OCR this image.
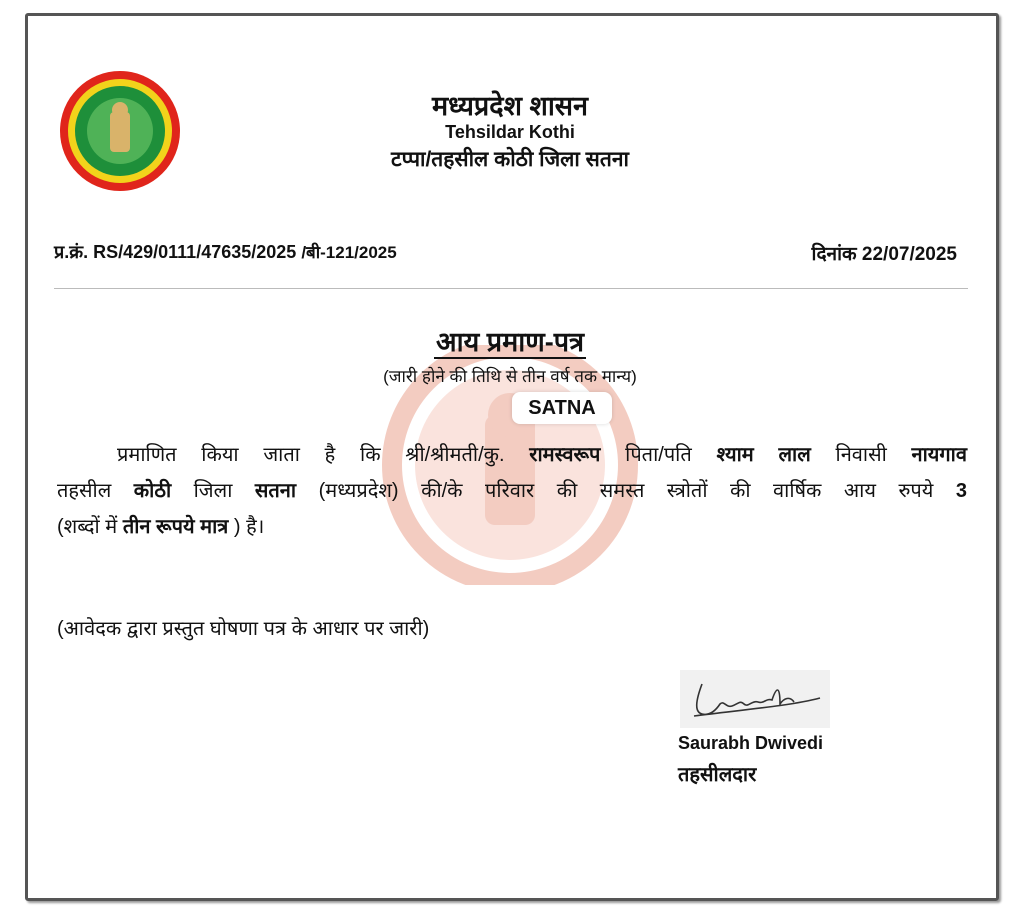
मध्यप्रदेश शासन
Tehsildar Kothi
टप्पा/तहसील कोठी जिला सतना
प्र.क्रं. RS/429/0111/47635/2025 /बी-121/2025	दिनांक 22/07/2025
आय प्रमाण-पत्र
(जारी होने की तिथि से तीन वर्ष तक मान्य)
SATNA
प्रमाणित किया जाता है कि श्री/श्रीमती/कु. रामस्वरूप पिता/पति श्याम लाल निवासी नायगाव
तहसील कोठी जिला सतना (मध्यप्रदेश) की/के परिवार की समस्त स्त्रोतों की वार्षिक आय रुपये 3
(शब्दों में तीन रूपये मात्र ) है।
(आवेदक द्वारा प्रस्तुत घोषणा पत्र के आधार पर जारी)
Saurabh Dwivedi
तहसीलदार
